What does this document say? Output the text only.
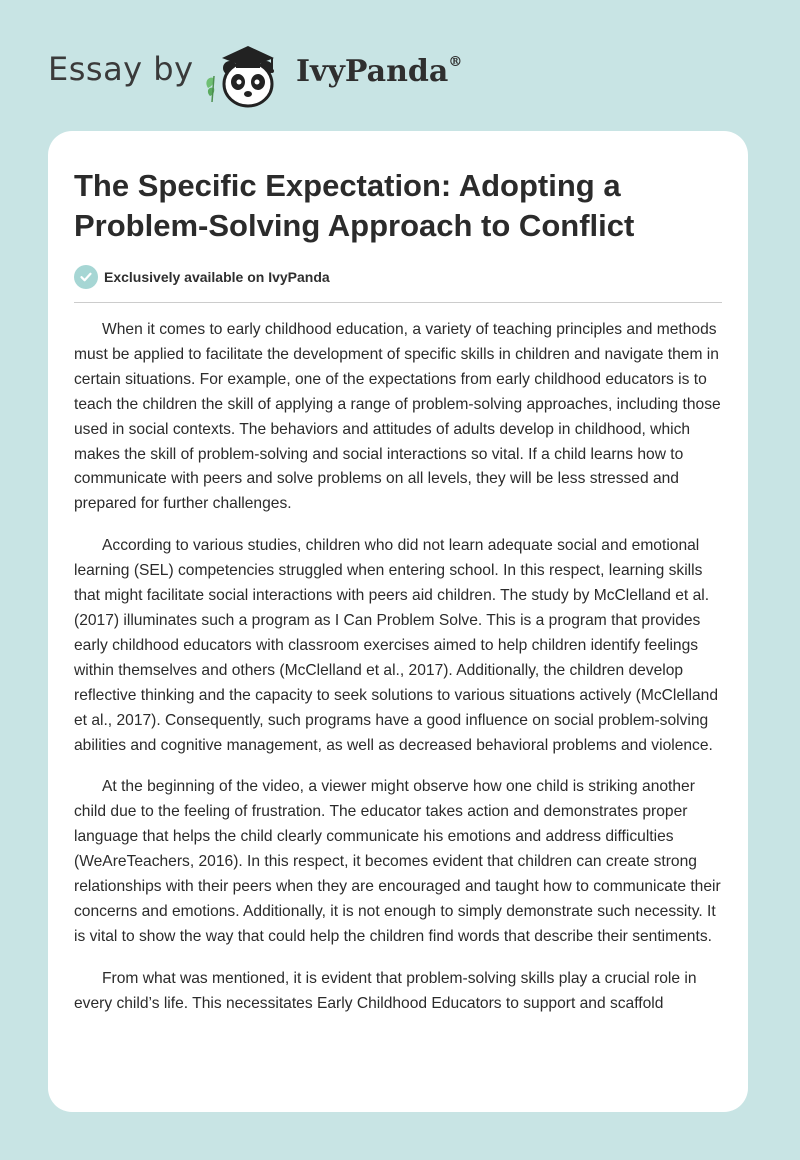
Essay by	IvyPanda®
The Specific Expectation: Adopting a Problem-Solving Approach to Conflict
Exclusively available on IvyPanda

When it comes to early childhood education, a variety of teaching principles and methods must be applied to facilitate the development of specific skills in children and navigate them in certain situations. For example, one of the expectations from early childhood educators is to teach the children the skill of applying a range of problem-solving approaches, including those used in social contexts. The behaviors and attitudes of adults develop in childhood, which makes the skill of problem-solving and social interactions so vital. If a child learns how to communicate with peers and solve problems on all levels, they will be less stressed and prepared for further challenges.

According to various studies, children who did not learn adequate social and emotional learning (SEL) competencies struggled when entering school. In this respect, learning skills that might facilitate social interactions with peers aid children. The study by McClelland et al. (2017) illuminates such a program as I Can Problem Solve. This is a program that provides early childhood educators with classroom exercises aimed to help children identify feelings within themselves and others (McClelland et al., 2017). Additionally, the children develop reflective thinking and the capacity to seek solutions to various situations actively (McClelland et al., 2017). Consequently, such programs have a good influence on social problem-solving abilities and cognitive management, as well as decreased behavioral problems and violence.

At the beginning of the video, a viewer might observe how one child is striking another child due to the feeling of frustration. The educator takes action and demonstrates proper language that helps the child clearly communicate his emotions and address difficulties (WeAreTeachers, 2016). In this respect, it becomes evident that children can create strong relationships with their peers when they are encouraged and taught how to communicate their concerns and emotions. Additionally, it is not enough to simply demonstrate such necessity. It is vital to show the way that could help the children find words that describe their sentiments.

From what was mentioned, it is evident that problem-solving skills play a crucial role in every child’s life. This necessitates Early Childhood Educators to support and scaffold
